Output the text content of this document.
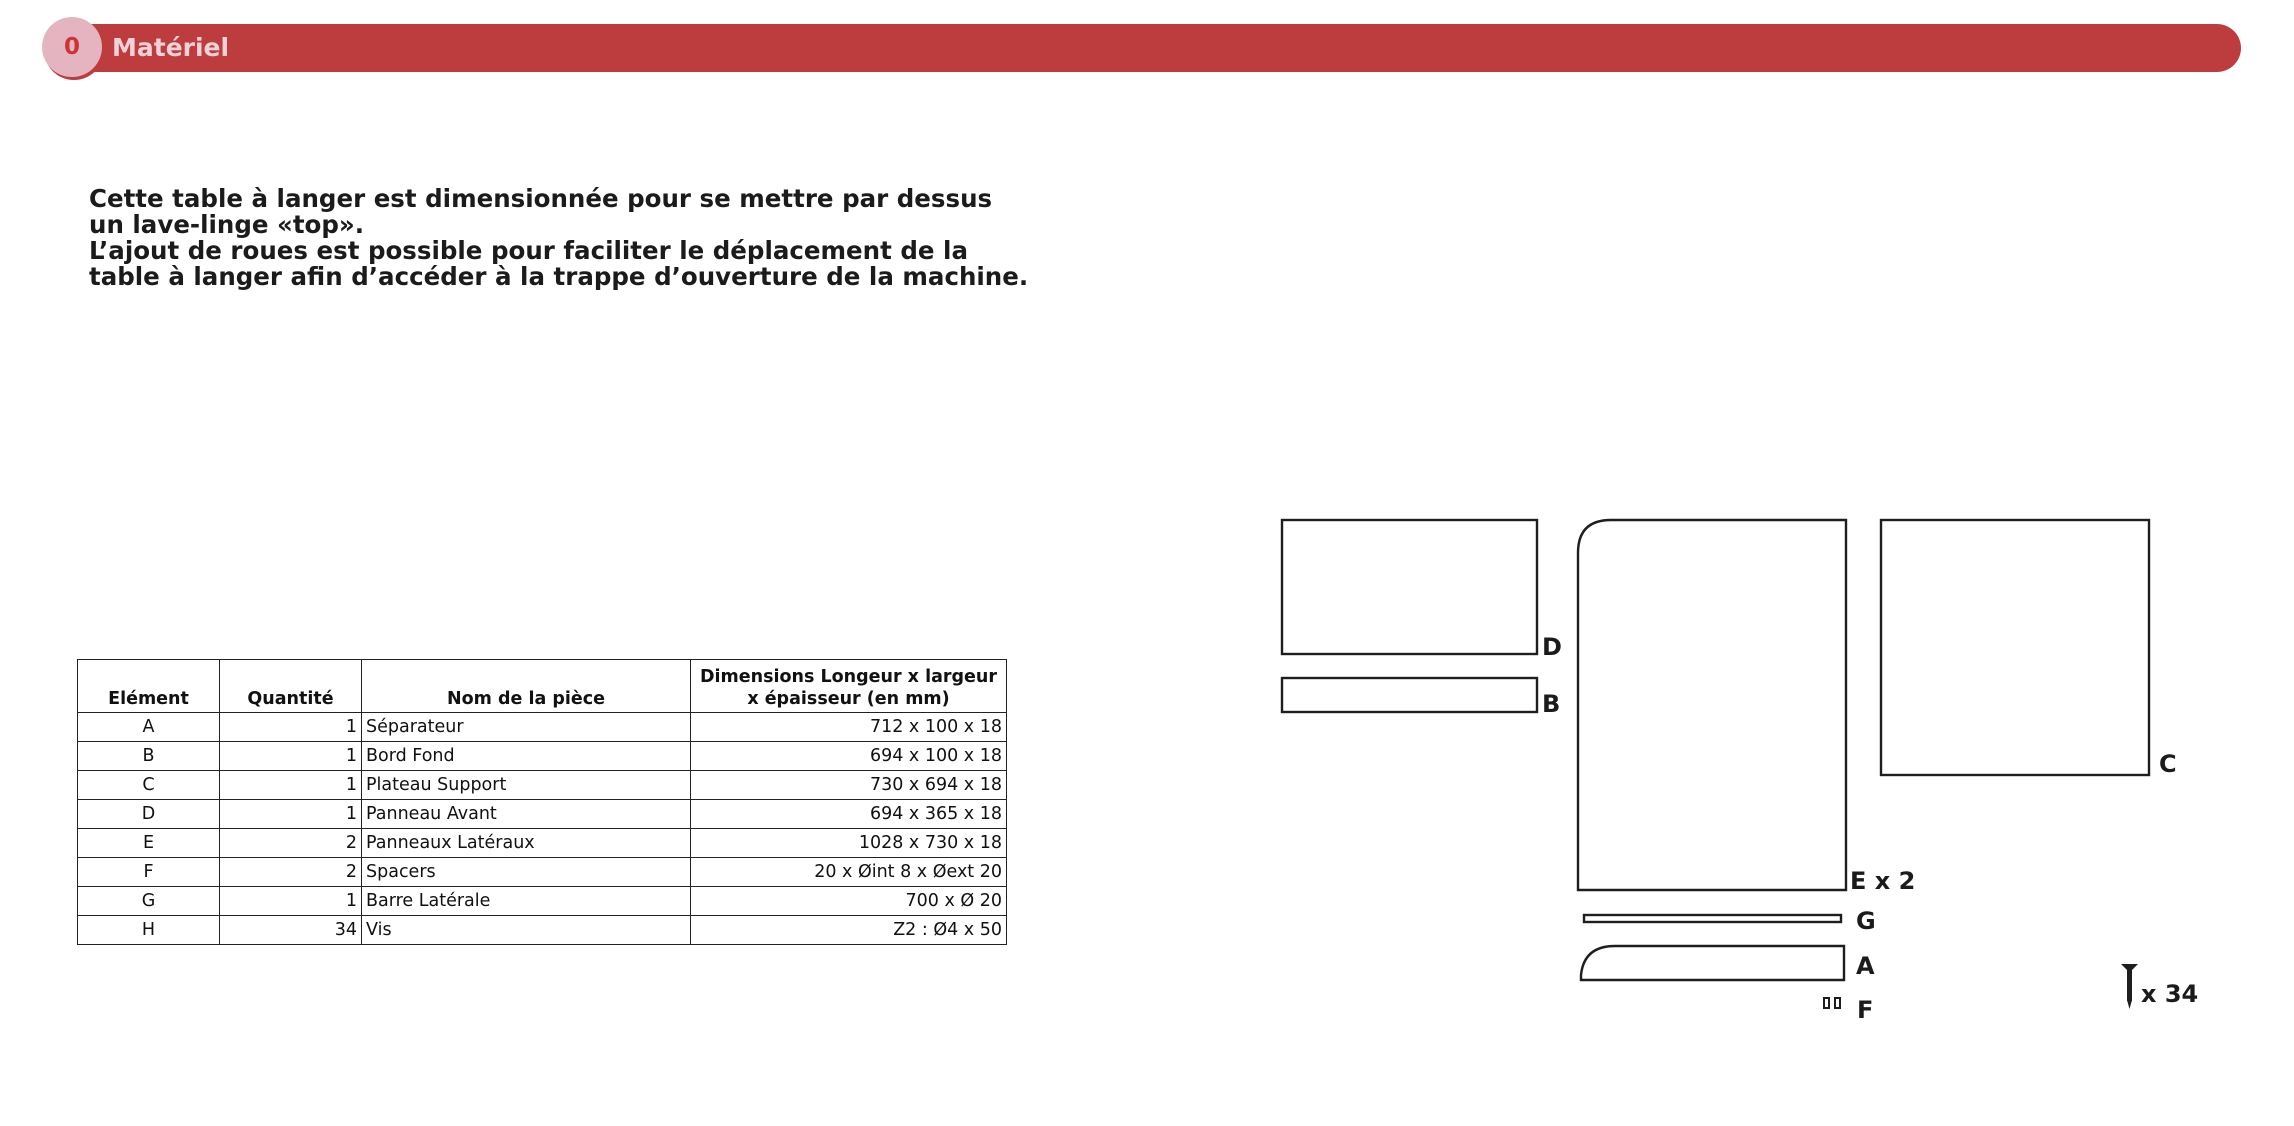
0 Matériel

Cette table à langer est dimensionnée pour se mettre par dessus

un lave-linge «top».

L’ajout de roues est possible pour faciliter le déplacement de la

table à langer afin d’accéder à la trappe d’ouverture de la machine.

Elément	Quantité	Nom de la pièce	Dimensions Longeur x largeur
x épaisseur (en mm)
A	1	Séparateur	712 x 100 x 18
B	1	Bord Fond	694 x 100 x 18
C	1	Plateau Support	730 x 694 x 18
D	1	Panneau Avant	694 x 365 x 18
E	2	Panneaux Latéraux	1028 x 730 x 18
F	2	Spacers	20 x Øint 8 x Øext 20
G	1	Barre Latérale	700 x Ø 20
H	34	Vis	Z2 : Ø4 x 50
D
B
C
E x 2
G
A
F
x 34
